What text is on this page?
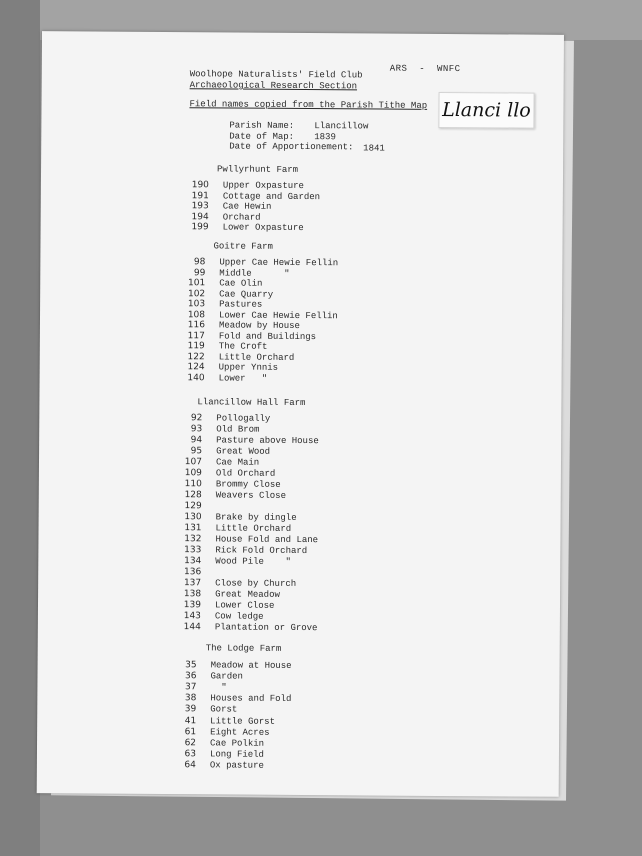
ARS  -  WNFC
Woolhope Naturalists' Field Club
Archaeological Research Section
Field names copied from the Parish Tithe Map Llanci llo
Parish Name: Llancillow
Date of Map: 1839
Date of Apportionement: 1841
Pwllyrhunt Farm
190 Upper Oxpasture
191 Cottage and Garden
193 Cae Hewin
194 Orchard
199 Lower Oxpasture
Goitre Farm
98 Upper Cae Hewie Fellin
99 Middle      "
101 Cae Olin
102 Cae Quarry
103 Pastures
108 Lower Cae Hewie Fellin
116 Meadow by House
117 Fold and Buildings
119 The Croft
122 Little Orchard
124 Upper Ynnis
140 Lower   "
Llancillow Hall Farm
92 Pollogally
93 Old Brom
94 Pasture above House
95 Great Wood
107 Cae Main
109 Old Orchard
110 Brommy Close
128 Weavers Close
129
130 Brake by dingle
131 Little Orchard
132 House Fold and Lane
133 Rick Fold Orchard
134 Wood Pile    "
136
137 Close by Church
138 Great Meadow
139 Lower Close
143 Cow ledge
144 Plantation or Grove
The Lodge Farm
35 Meadow at House
36 Garden
37 "
38 Houses and Fold
39 Gorst
41 Little Gorst
61 Eight Acres
62 Cae Polkin
63 Long Field
64 Ox pasture
